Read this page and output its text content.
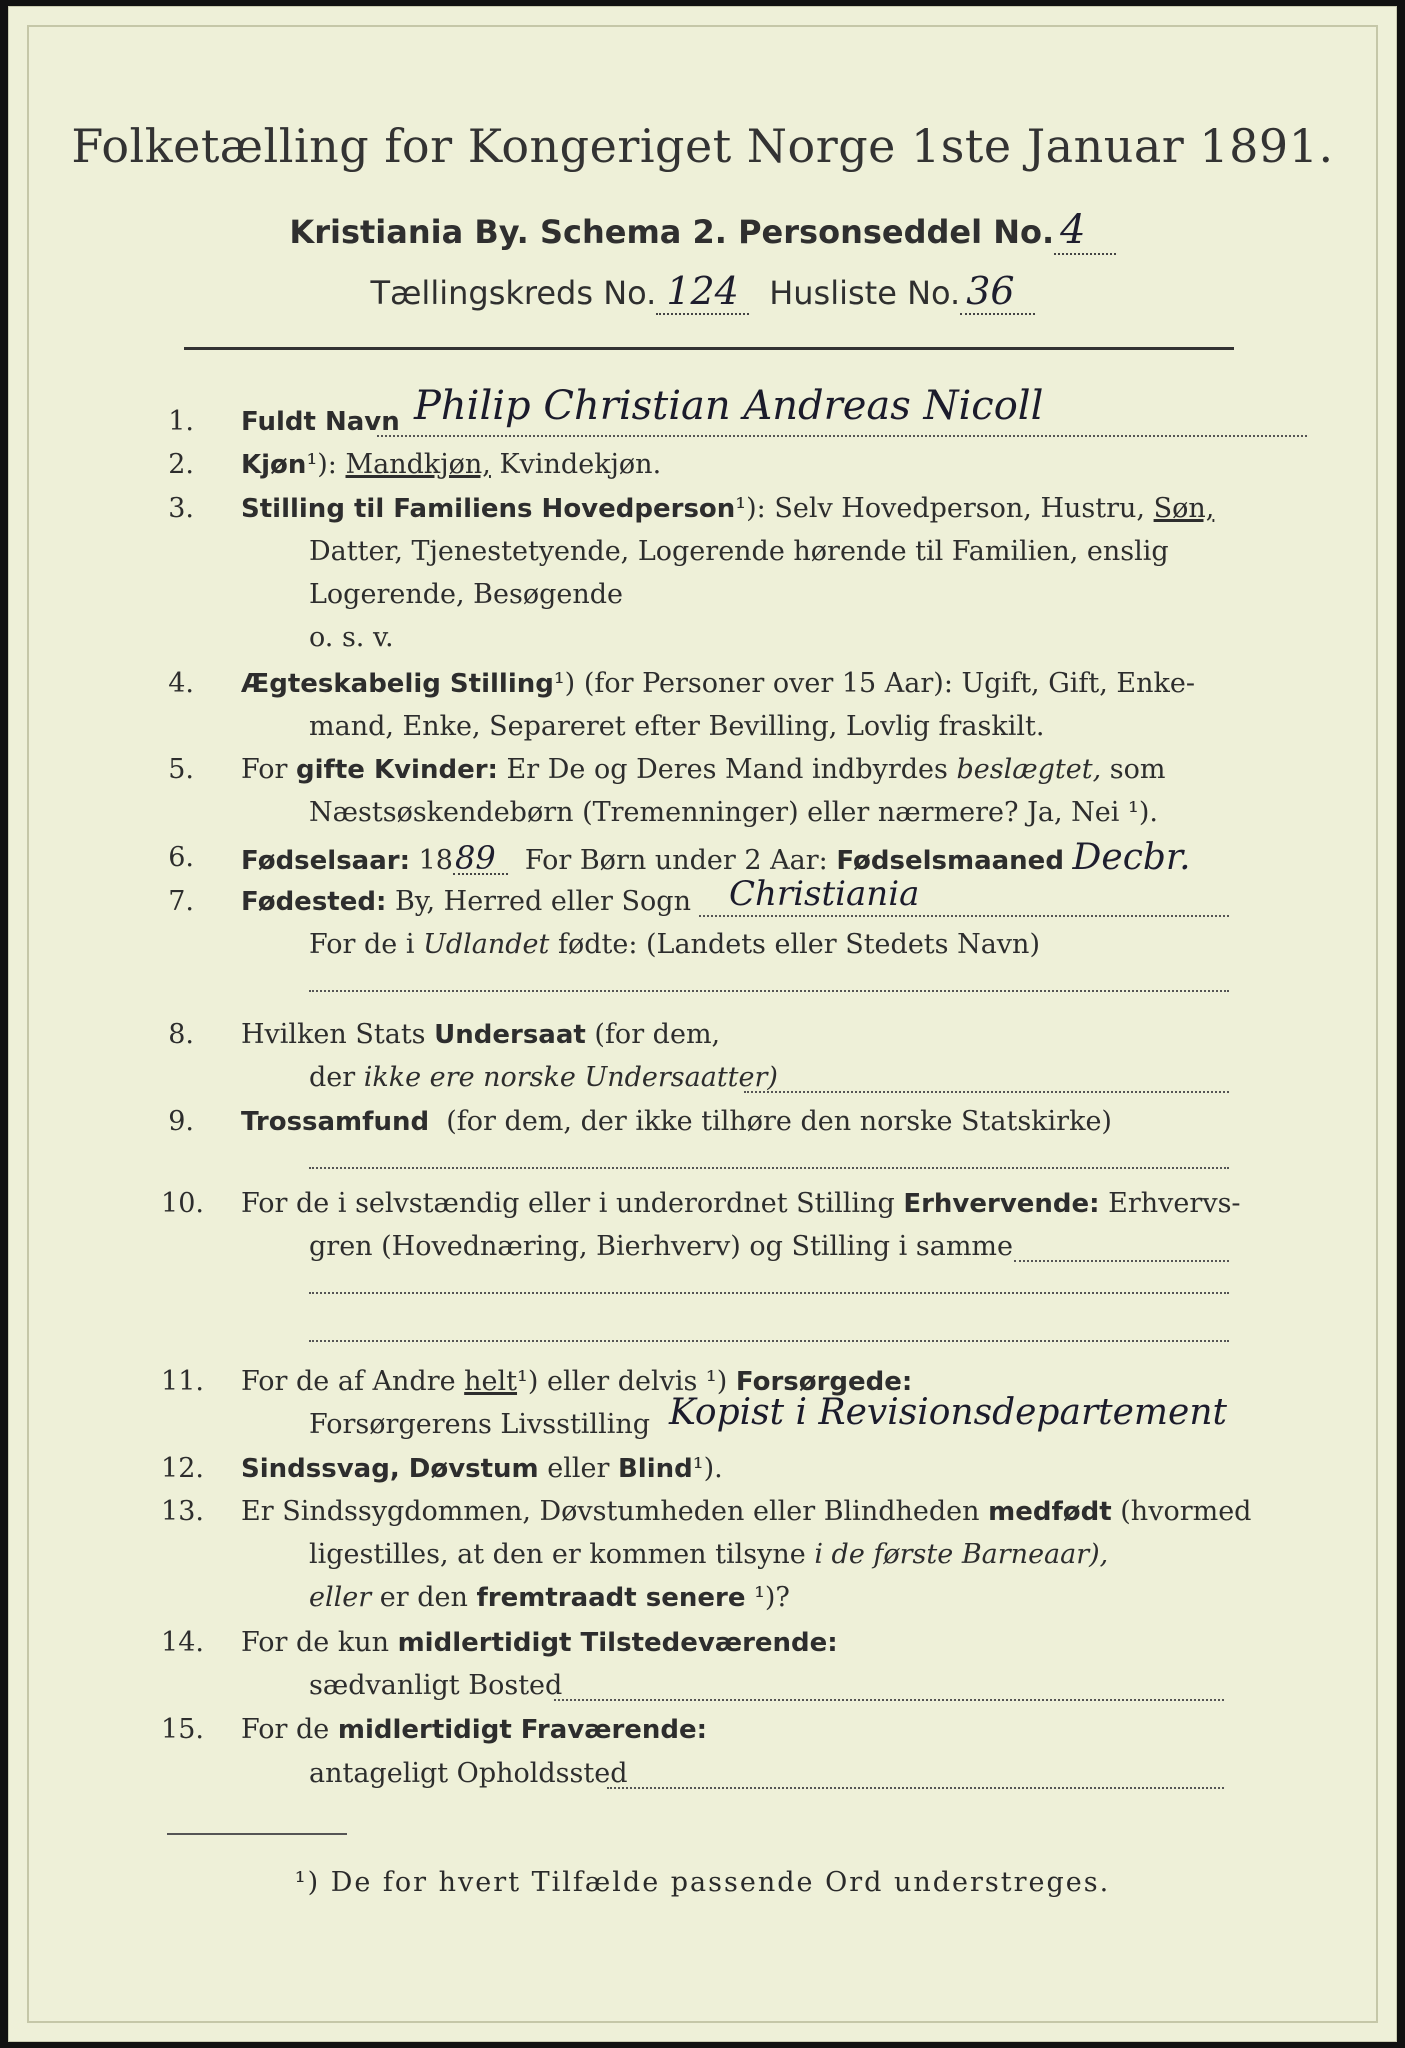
Folketælling for Kongeriget Norge 1ste Januar 1891.
Kristiania By. Schema 2. Personseddel No. 4
Tællingskreds No. 124 Husliste No. 36
1. Fuldt Navn Philip Christian Andreas Nicoll
2. Kjøn¹): Mandkjøn, Kvindekjøn.
3. Stilling til Familiens Hovedperson¹): Selv Hovedperson, Hustru, Søn,
Datter, Tjenestetyende, Logerende hørende til Familien, enslig
Logerende, Besøgende
o. s. v.
4. Ægteskabelig Stilling¹) (for Personer over 15 Aar): Ugift, Gift, Enke-
mand, Enke, Separeret efter Bevilling, Lovlig fraskilt.
5. For gifte Kvinder: Er De og Deres Mand indbyrdes beslægtet, som
Næstsøskendebørn (Tremenninger) eller nærmere? Ja, Nei ¹).
6. Fødselsaar: 1889 For Børn under 2 Aar: Fødselsmaaned Decbr.
7. Fødested: By, Herred eller Sogn Christiania
For de i Udlandet fødte: (Landets eller Stedets Navn)
8. Hvilken Stats Undersaat (for dem,
der ikke ere norske Undersaatter)
9. Trossamfund (for dem, der ikke tilhøre den norske Statskirke)
10. For de i selvstændig eller i underordnet Stilling Erhvervende: Erhvervs-
gren (Hovednæring, Bierhverv) og Stilling i samme
11. For de af Andre helt¹) eller delvis ¹) Forsørgede:
Forsørgerens Livsstilling Kopist i Revisionsdepartement
12. Sindssvag, Døvstum eller Blind¹).
13. Er Sindssygdommen, Døvstumheden eller Blindheden medfødt (hvormed
ligestilles, at den er kommen tilsyne i de første Barneaar),
eller er den fremtraadt senere ¹)?
14. For de kun midlertidigt Tilstedeværende:
sædvanligt Bosted
15. For de midlertidigt Fraværende:
antageligt Opholdssted
¹) De for hvert Tilfælde passende Ord understreges.
